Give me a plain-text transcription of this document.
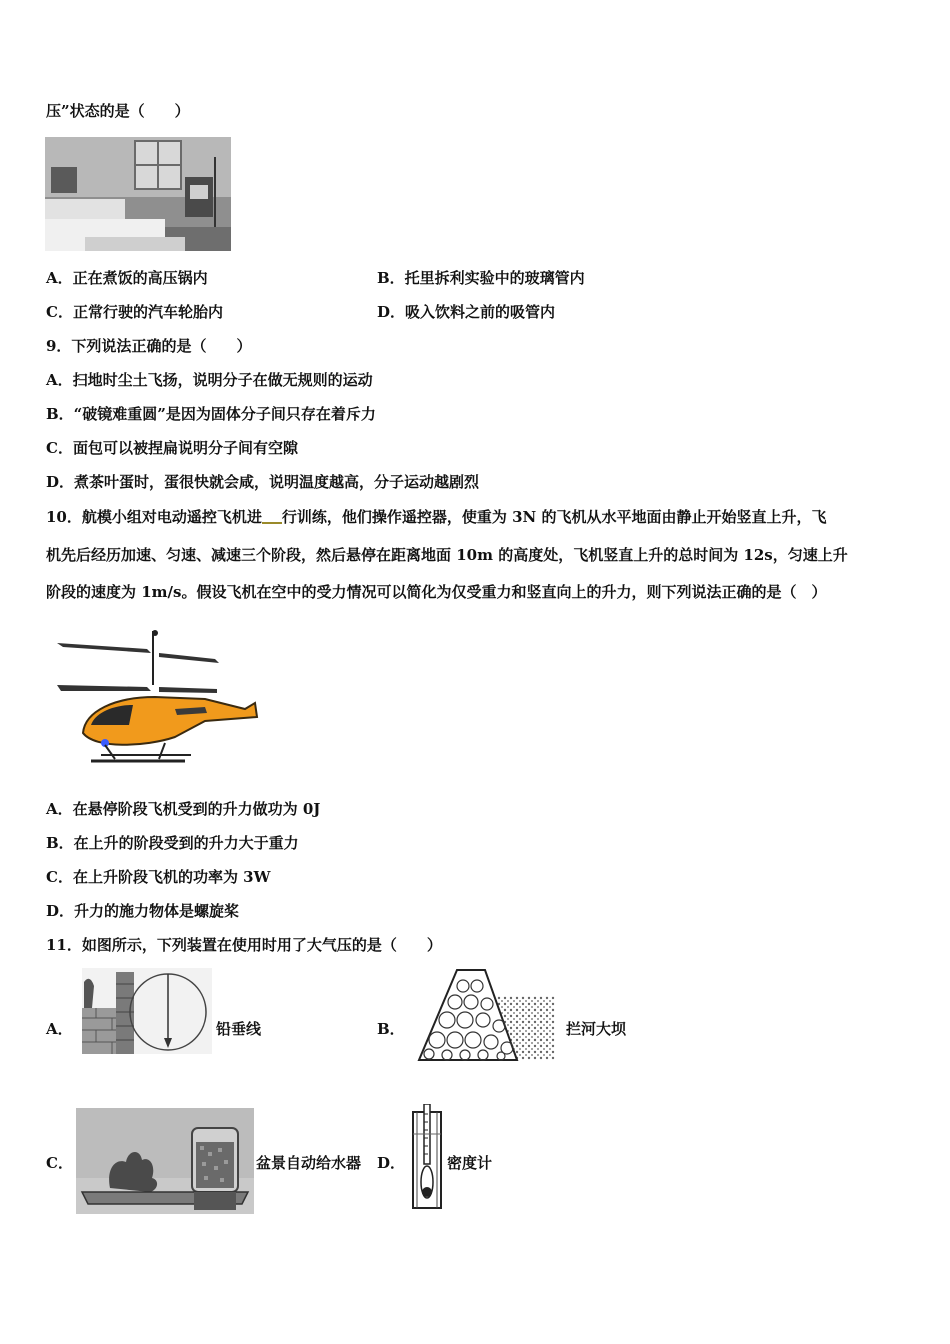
压”状态的是（　　）
A．正在煮饭的高压锅内	B．托里拆利实验中的玻璃管内
C．正常行驶的汽车轮胎内	D．吸入饮料之前的吸管内
9．下列说法正确的是（　　）
A．扫地时尘土飞扬，说明分子在做无规则的运动
B．“破镜难重圆”是因为固体分子间只存在着斥力
C．面包可以被捏扁说明分子间有空隙
D．煮茶叶蛋时，蛋很快就会咸，说明温度越高，分子运动越剧烈
10．航模小组对电动遥控飞机进 行训练，他们操作遥控器，使重为 3N 的飞机从水平地面由静止开始竖直上升，飞
机先后经历加速、匀速、减速三个阶段，然后悬停在距离地面 10m 的高度处，飞机竖直上升的总时间为 12s，匀速上升
阶段的速度为 1m/s。假设飞机在空中的受力情况可以简化为仅受重力和竖直向上的升力，则下列说法正确的是（　）
A．在悬停阶段飞机受到的升力做功为 0J
B．在上升的阶段受到的升力大于重力
C．在上升阶段飞机的功率为 3W
D．升力的施力物体是螺旋桨
11．如图所示，下列装置在使用时用了大气压的是（　　）
A．	铅垂线	B．	拦河大坝
C．	盆景自动给水器 D．	密度计
